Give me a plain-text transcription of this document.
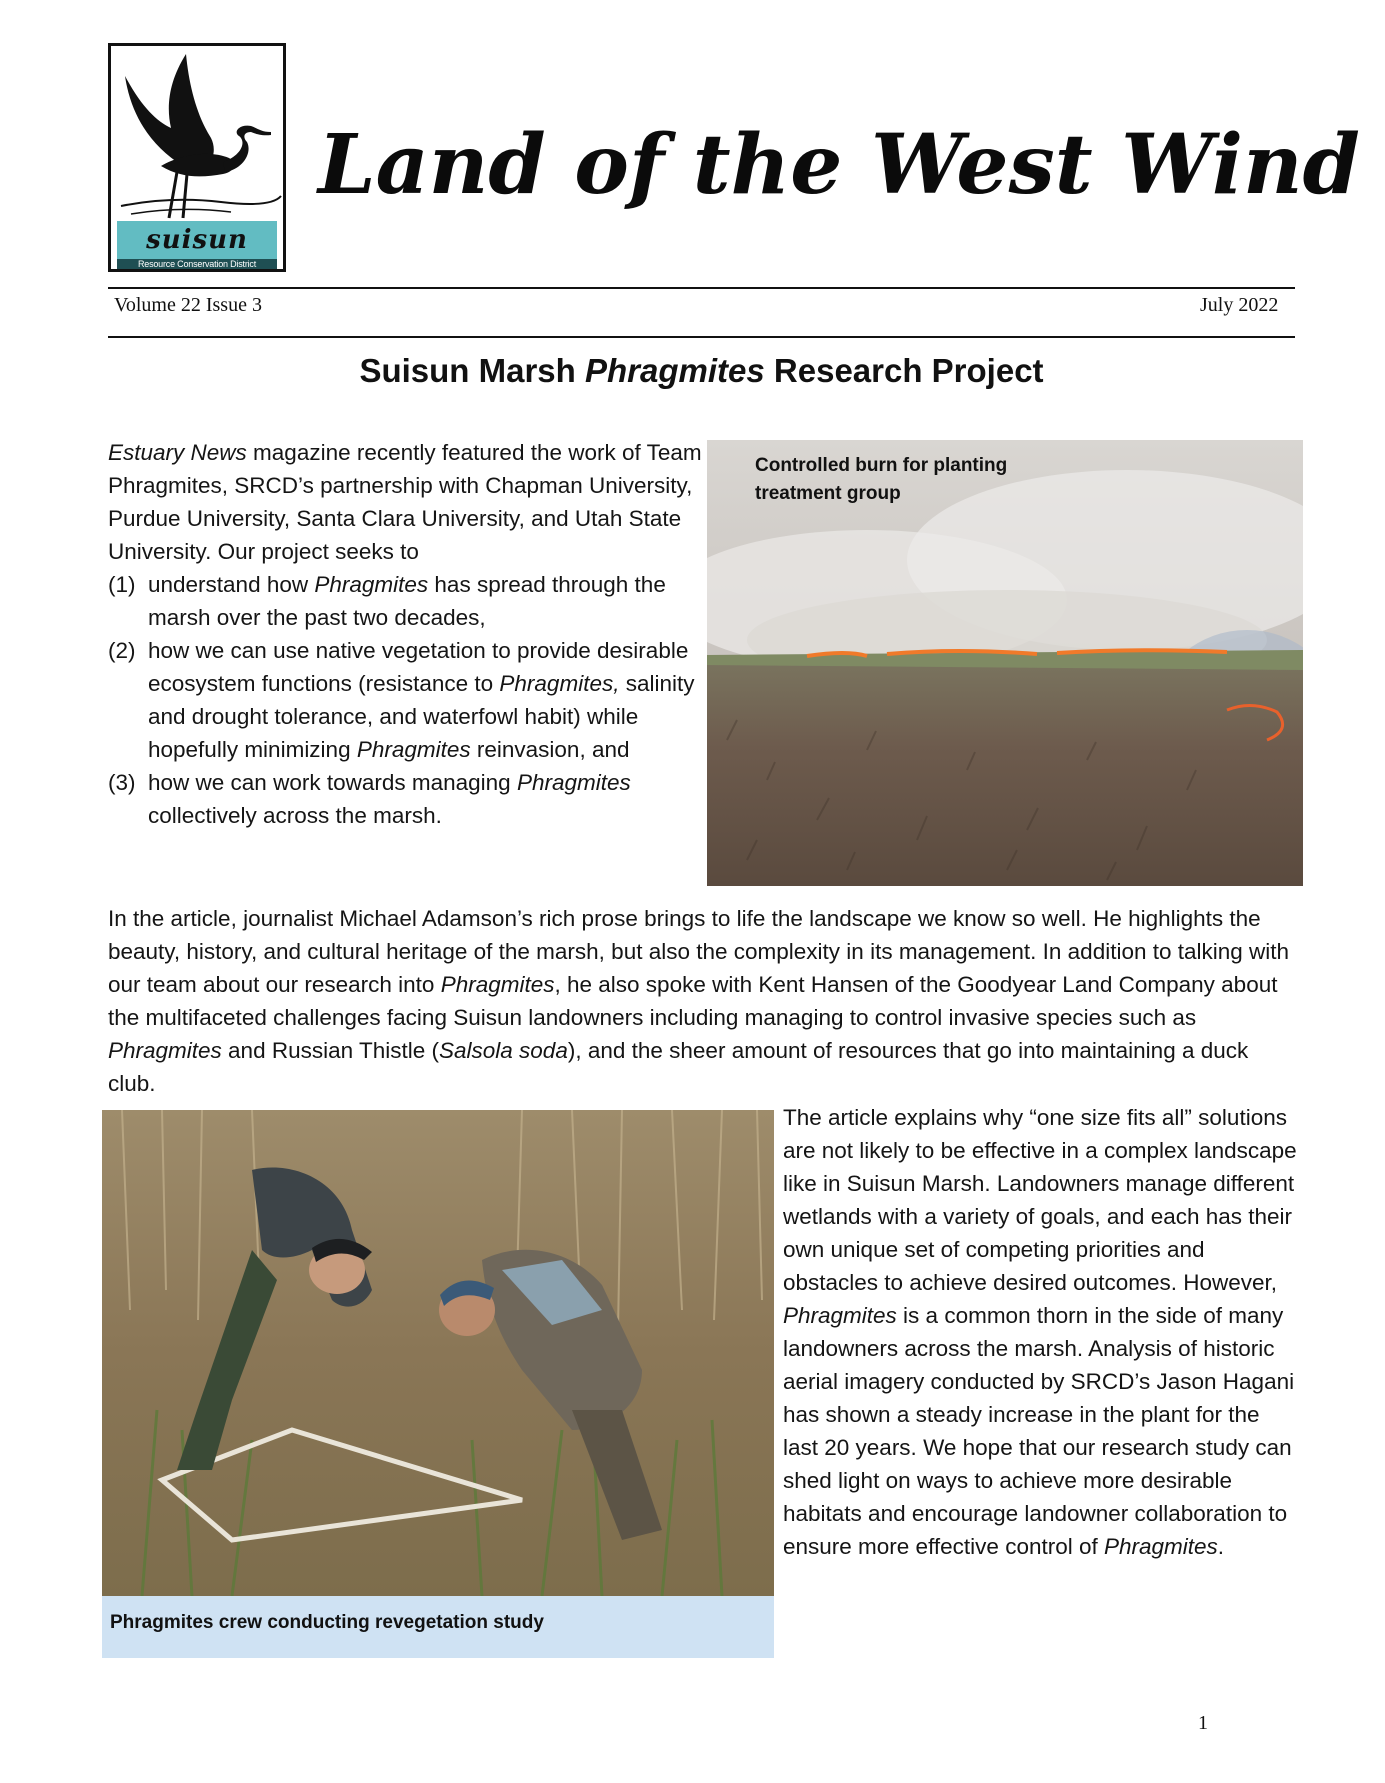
suisun
Resource Conservation District
Land of the West Wind
Volume 22 Issue 3	July 2022
Suisun Marsh Phragmites Research Project
Estuary News magazine recently featured the work of Team Phragmites, SRCD’s partnership with Chapman University, Purdue University, Santa Clara University, and Utah State University. Our project seeks to
(1) understand how Phragmites has spread through the marsh over the past two decades,
(2) how we can use native vegetation to provide desirable ecosystem functions (resistance to Phragmites, salinity and drought tolerance, and waterfowl habit) while hopefully minimizing Phragmites reinvasion, and
(3) how we can work towards managing Phragmites collectively across the marsh.
Controlled burn for planting treatment group
In the article, journalist Michael Adamson’s rich prose brings to life the landscape we know so well. He highlights the beauty, history, and cultural heritage of the marsh, but also the complexity in its management. In addition to talking with our team about our research into Phragmites, he also spoke with Kent Hansen of the Goodyear Land Company about the multifaceted challenges facing Suisun landowners including managing to control invasive species such as Phragmites and Russian Thistle (Salsola soda), and the sheer amount of resources that go into maintaining a duck club.
Phragmites crew conducting revegetation study
The article explains why “one size fits all” solutions are not likely to be effective in a complex landscape like in Suisun Marsh. Landowners manage different wetlands with a variety of goals, and each has their own unique set of competing priorities and obstacles to achieve desired outcomes. However, Phragmites is a common thorn in the side of many landowners across the marsh. Analysis of historic aerial imagery conducted by SRCD’s Jason Hagani has shown a steady increase in the plant for the last 20 years. We hope that our research study can shed light on ways to achieve more desirable habitats and encourage landowner collaboration to ensure more effective control of Phragmites.
1
